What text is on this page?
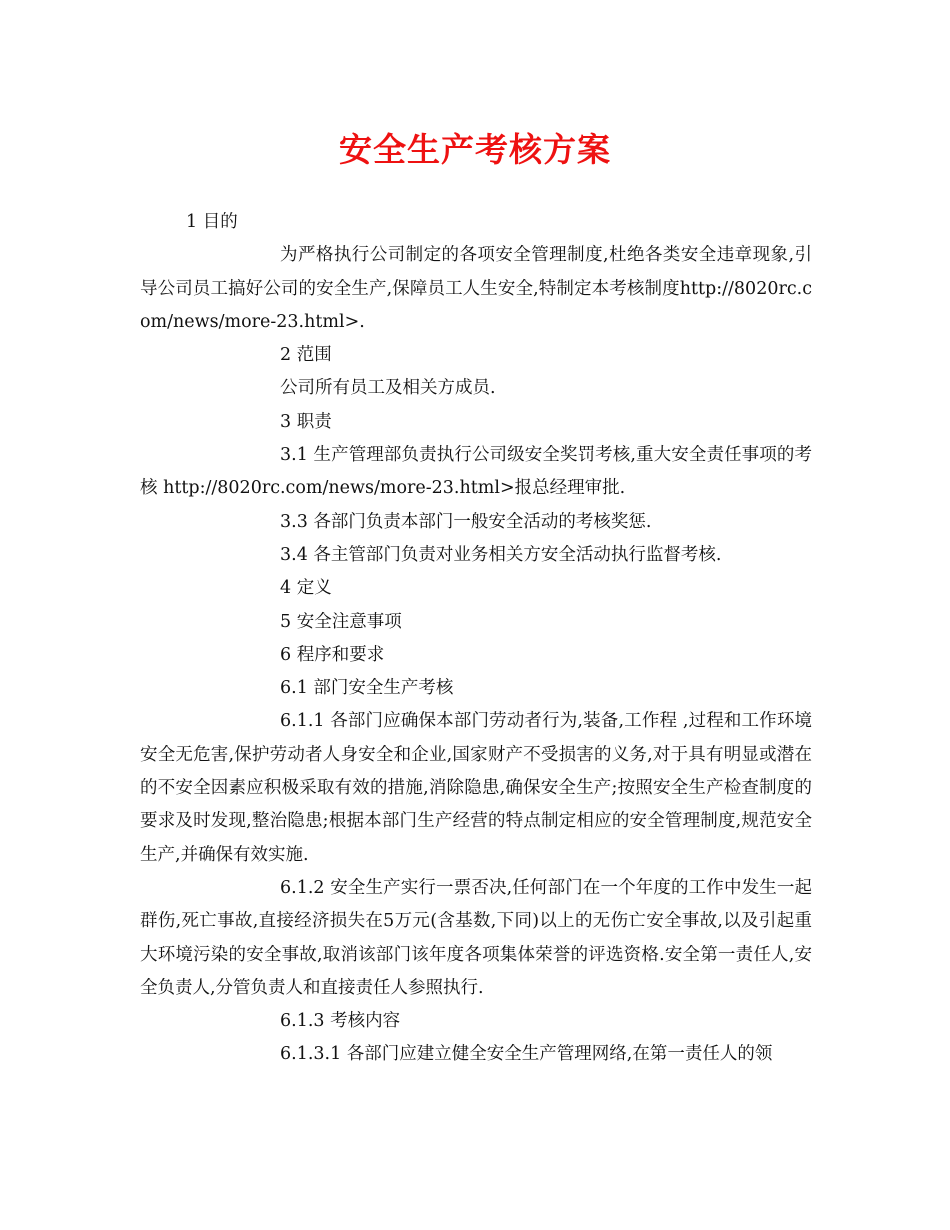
安全生产考核方案

1 目的

为严格执行公司制定的各项安全管理制度,杜绝各类安全违章现象,引导公司员工搞好公司的安全生产,保障员工人生安全,特制定本考核制度http://8020rc.com/news/more-23.html>.

2 范围

公司所有员工及相关方成员.

3 职责

3.1 生产管理部负责执行公司级安全奖罚考核,重大安全责任事项的考核 http://8020rc.com/news/more-23.html>报总经理审批.

3.3 各部门负责本部门一般安全活动的考核奖惩.

3.4 各主管部门负责对业务相关方安全活动执行监督考核.

4 定义

5 安全注意事项

6 程序和要求

6.1 部门安全生产考核

6.1.1 各部门应确保本部门劳动者行为,装备,工作程 ,过程和工作环境安全无危害,保护劳动者人身安全和企业,国家财产不受损害的义务,对于具有明显或潜在的不安全因素应积极采取有效的措施,消除隐患,确保安全生产;按照安全生产检查制度的要求及时发现,整治隐患;根据本部门生产经营的特点制定相应的安全管理制度,规范安全生产,并确保有效实施.

6.1.2 安全生产实行一票否决,任何部门在一个年度的工作中发生一起群伤,死亡事故,直接经济损失在5万元(含基数,下同)以上的无伤亡安全事故,以及引起重大环境污染的安全事故,取消该部门该年度各项集体荣誉的评选资格.安全第一责任人,安全负责人,分管负责人和直接责任人参照执行.

6.1.3 考核内容

6.1.3.1 各部门应建立健全安全生产管理网络,在第一责任人的领
